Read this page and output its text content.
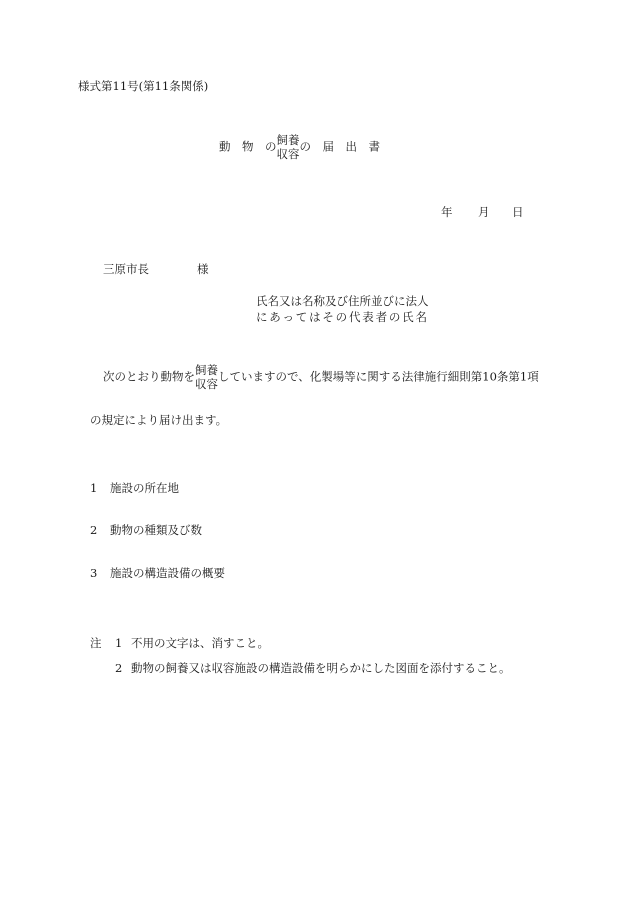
様式第11号(第11条関係)
動　物　の 飼養
収容
の　届　出　書
年 月 日
三原市長	様
氏名又は名称及び住所並びに法人
にあってはその代表者の氏名
次のとおり動物を 飼養
収容
していますので、化製場等に関する法律施行細則第10条第1項
の規定により届け出ます。
1 施設の所在地
2 動物の種類及び数
3 施設の構造設備の概要
注 1 不用の文字は、消すこと。
2 動物の飼養又は収容施設の構造設備を明らかにした図面を添付すること。
